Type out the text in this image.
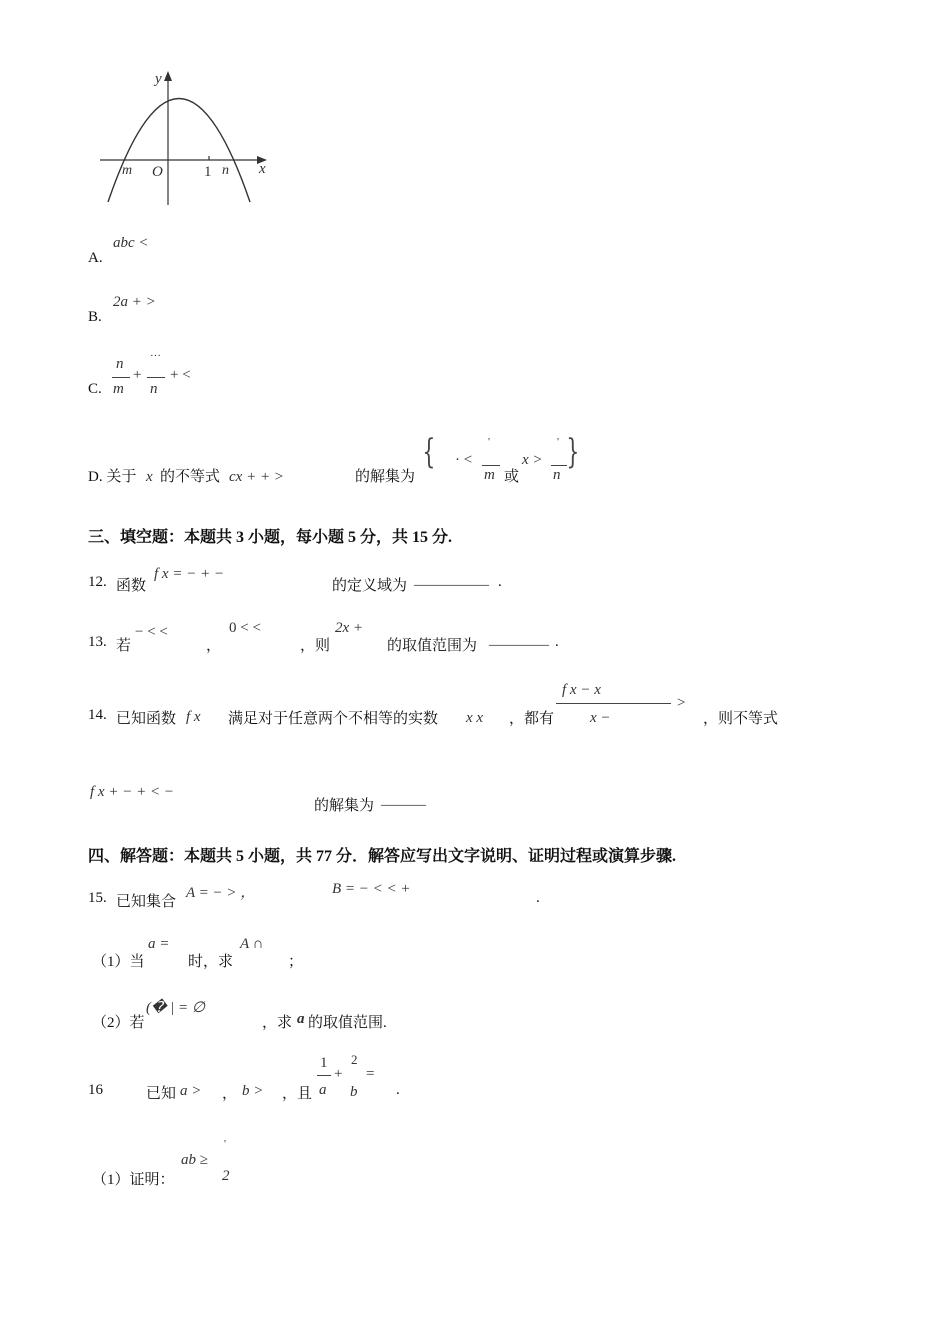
y
x
m O	1 n
A.
abc <
B.
2a + >
C.
n
m
+
···
n
+ <
D. 关于 x 的不等式 cx + + >	的解集为
{ · <
'
m 或
x >
'
n
}
三、填空题：本题共 3 小题，每小题 5 分，共 15 分.
12. 函数
f x = − + −
的定义域为 __________ .
13. 若
− < <
，
0 < <
，则
2x +
的取值范围为 ________ .
14. 已知函数 f x 满足对于任意两个不相等的实数 x x ，都有
f x − x
x −
>
，则不等式
f x + − + < −
的解集为 ______
四、解答题：本题共 5 小题，共 77 分．解答应写出文字说明、证明过程或演算步骤.
15. 已知集合
A = − > ，	B = − < < +
.
（1）当
a =
时，求
A ∩
；
（2）若
(� | = ∅
，求 a 的取值范围.
16	已知 a > ， b > ，且
1
a
+
2
b
=
.
（1）证明：
ab ≥
'
2
